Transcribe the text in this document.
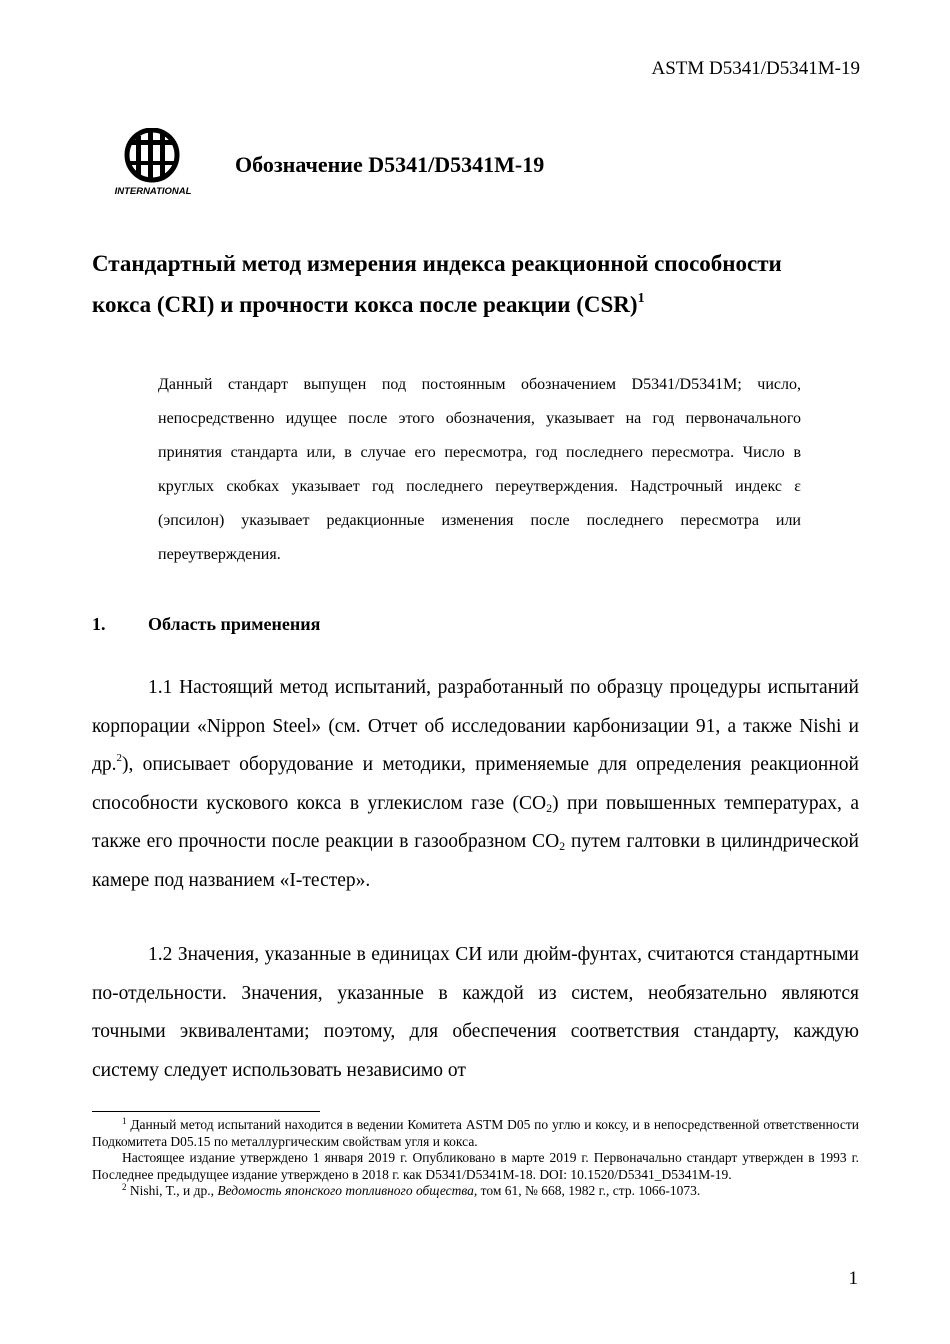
ASTM D5341/D5341M-19
INTERNATIONAL
Обозначение D5341/D5341M-19
Стандартный метод измерения индекса реакционной способности
кокса (CRI) и прочности кокса после реакции (CSR)$^1$
Данный стандарт выпущен под постоянным обозначением D5341/D5341M; число, непосредственно идущее после этого обозначения, указывает на год первоначального принятия стандарта или, в случае его пересмотра, год последнего пересмотра. Число в круглых скобках указывает год последнего переутверждения. Надстрочный индекс ε (эпсилон) указывает редакционные изменения после последнего пересмотра или переутверждения.
1. Область применения

1.1 Настоящий метод испытаний, разработанный по образцу процедуры испытаний корпорации «Nippon Steel» (см. Отчет об исследовании карбонизации 91, а также Nishi и др.$^2$), описывает оборудование и методики, применяемые для определения реакционной способности кускового кокса в углекислом газе $(CO_2)$ при повышенных температурах, а также его прочности после реакции в газообразном $CO_2$ путем галтовки в цилиндрической камере под названием «I-тестер».

1.2 Значения, указанные в единицах СИ или дюйм-фунтах, считаются стандартными по-отдельности. Значения, указанные в каждой из систем, необязательно являются точными эквивалентами; поэтому, для обеспечения соответствия стандарту, каждую систему следует использовать независимо от

$^1$ Данный метод испытаний находится в ведении Комитета ASTM D05 по углю и коксу, и в непосредственной ответственности Подкомитета D05.15 по металлургическим свойствам угля и кокса.

Настоящее издание утверждено 1 января 2019 г. Опубликовано в марте 2019 г. Первоначально стандарт утвержден в 1993 г. Последнее предыдущее издание утверждено в 2018 г. как D5341/D5341M-18. DOI: 10.1520/D5341_D5341M-19.

$^2$ Nishi, T., и др., Ведомость японского топливного общества, том 61, № 668, 1982 г., стр. 1066-1073.

1
